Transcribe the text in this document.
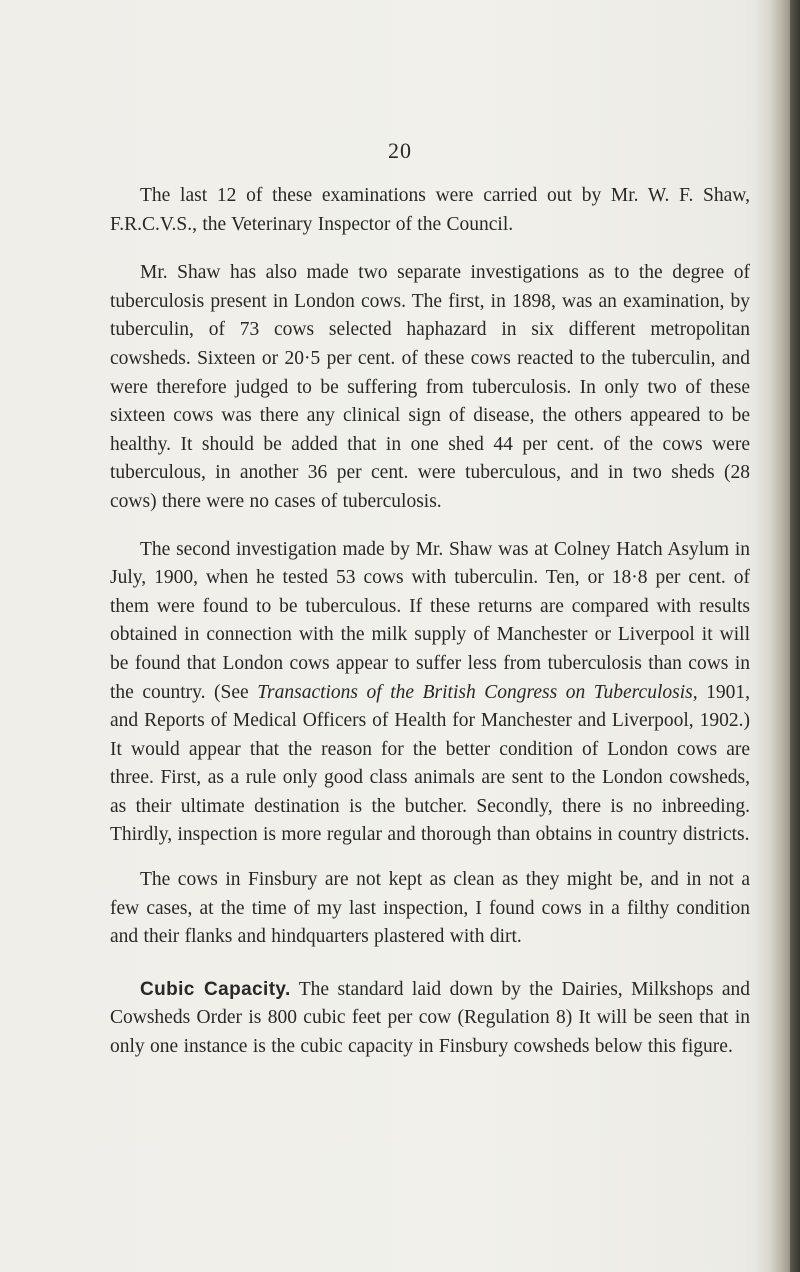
20

The last 12 of these examinations were carried out by Mr. W. F. Shaw, F.R.C.V.S., the Veterinary Inspector of the Council.

Mr. Shaw has also made two separate investigations as to the degree of tuberculosis present in London cows. The first, in 1898, was an examination, by tuberculin, of 73 cows selected haphazard in six different metropolitan cowsheds. Sixteen or 20·5 per cent. of these cows reacted to the tuberculin, and were therefore judged to be suffering from tuberculosis. In only two of these sixteen cows was there any clinical sign of disease, the others appeared to be healthy. It should be added that in one shed 44 per cent. of the cows were tuberculous, in another 36 per cent. were tuberculous, and in two sheds (28 cows) there were no cases of tuberculosis.

The second investigation made by Mr. Shaw was at Colney Hatch Asylum in July, 1900, when he tested 53 cows with tuberculin. Ten, or 18·8 per cent. of them were found to be tuberculous. If these returns are compared with results obtained in connection with the milk supply of Manchester or Liverpool it will be found that London cows appear to suffer less from tuberculosis than cows in the country. (See Transactions of the British Congress on Tuberculosis, 1901, and Reports of Medical Officers of Health for Manchester and Liverpool, 1902.) It would appear that the reason for the better condition of London cows are three. First, as a rule only good class animals are sent to the London cowsheds, as their ultimate destination is the butcher. Secondly, there is no inbreeding. Thirdly, inspection is more regular and thorough than obtains in country districts.

The cows in Finsbury are not kept as clean as they might be, and in not a few cases, at the time of my last inspection, I found cows in a filthy condition and their flanks and hindquarters plastered with dirt.

Cubic Capacity. The standard laid down by the Dairies, Milkshops and Cowsheds Order is 800 cubic feet per cow (Regulation 8) It will be seen that in only one instance is the cubic capacity in Finsbury cowsheds below this figure.
